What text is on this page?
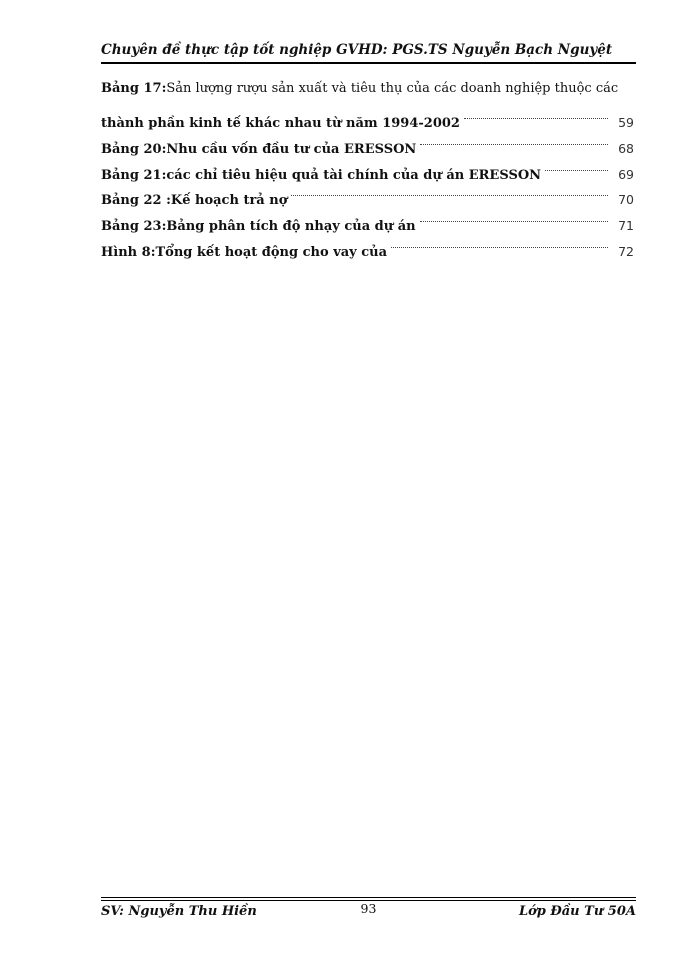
Chuyên đề thực tập tốt nghiệp GVHD: PGS.TS Nguyễn Bạch Nguyệt
Bảng 17: Sản lượng rượu sản xuất và tiêu thụ của các doanh nghiệp thuộc các
thành phần kinh tế khác nhau từ năm 1994-2002	59
Bảng 20: Nhu cầu vốn đầu tư của ERESSON	68
Bảng 21: các chỉ tiêu hiệu quả tài chính của dự án ERESSON	69
Bảng 22 : Kế hoạch trả nợ	70
Bảng 23: Bảng phân tích độ nhạy của dự án	71
Hình 8: Tổng kết hoạt động cho vay của	72
SV: Nguyễn Thu Hiền	93	Lớp Đầu Tư 50A
